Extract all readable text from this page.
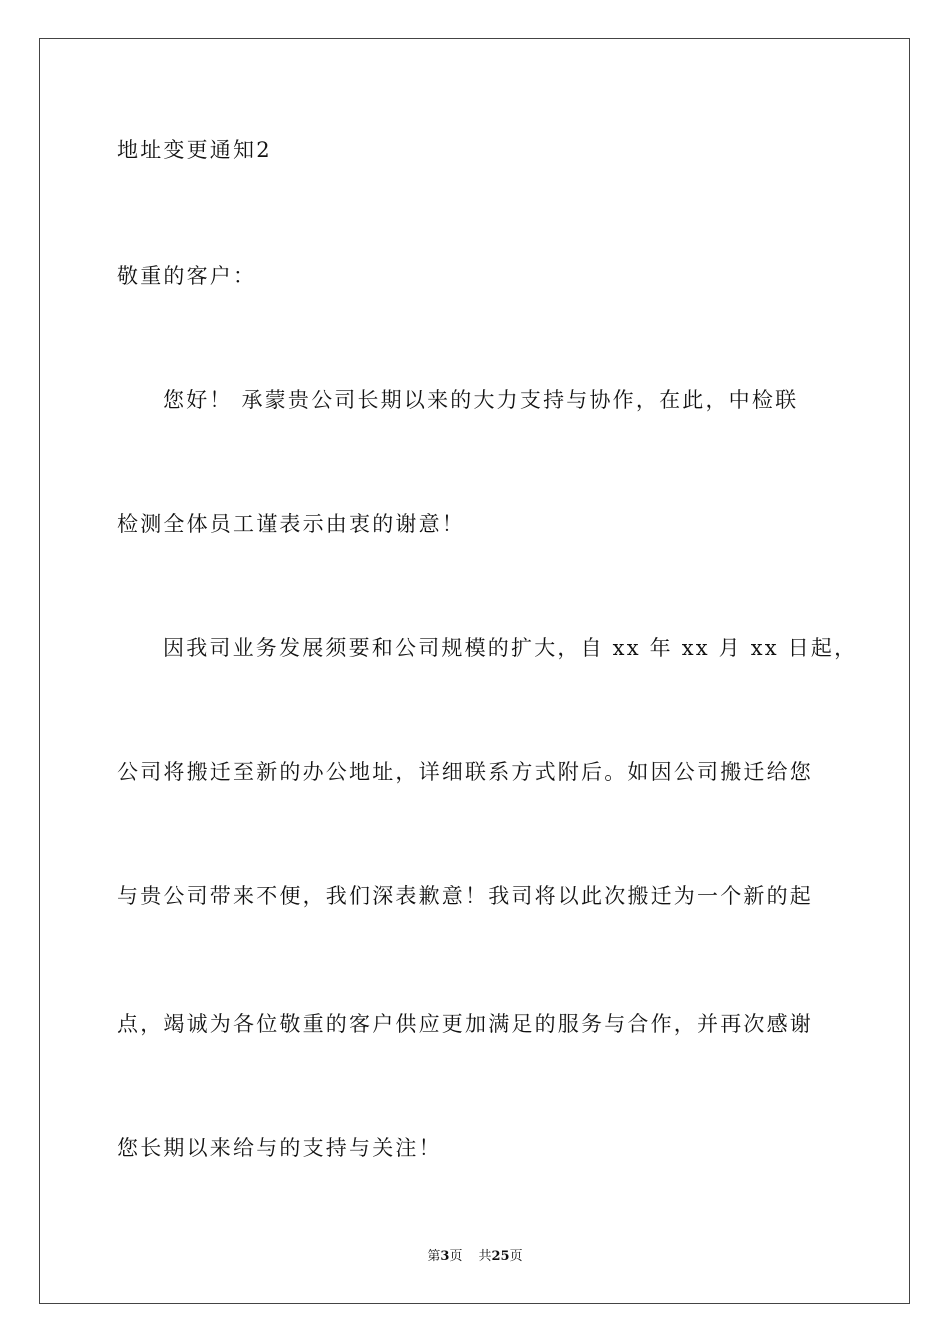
地址变更通知2
敬重的客户：
您好！ 承蒙贵公司长期以来的大力支持与协作，在此，中检联
检测全体员工谨表示由衷的谢意！
因我司业务发展须要和公司规模的扩大，自 xx 年 xx 月 xx 日起，
公司将搬迁至新的办公地址，详细联系方式附后。如因公司搬迁给您
与贵公司带来不便，我们深表歉意！我司将以此次搬迁为一个新的起
点，竭诚为各位敬重的客户供应更加满足的服务与合作，并再次感谢
您长期以来给与的支持与关注！
第3页 共25页
